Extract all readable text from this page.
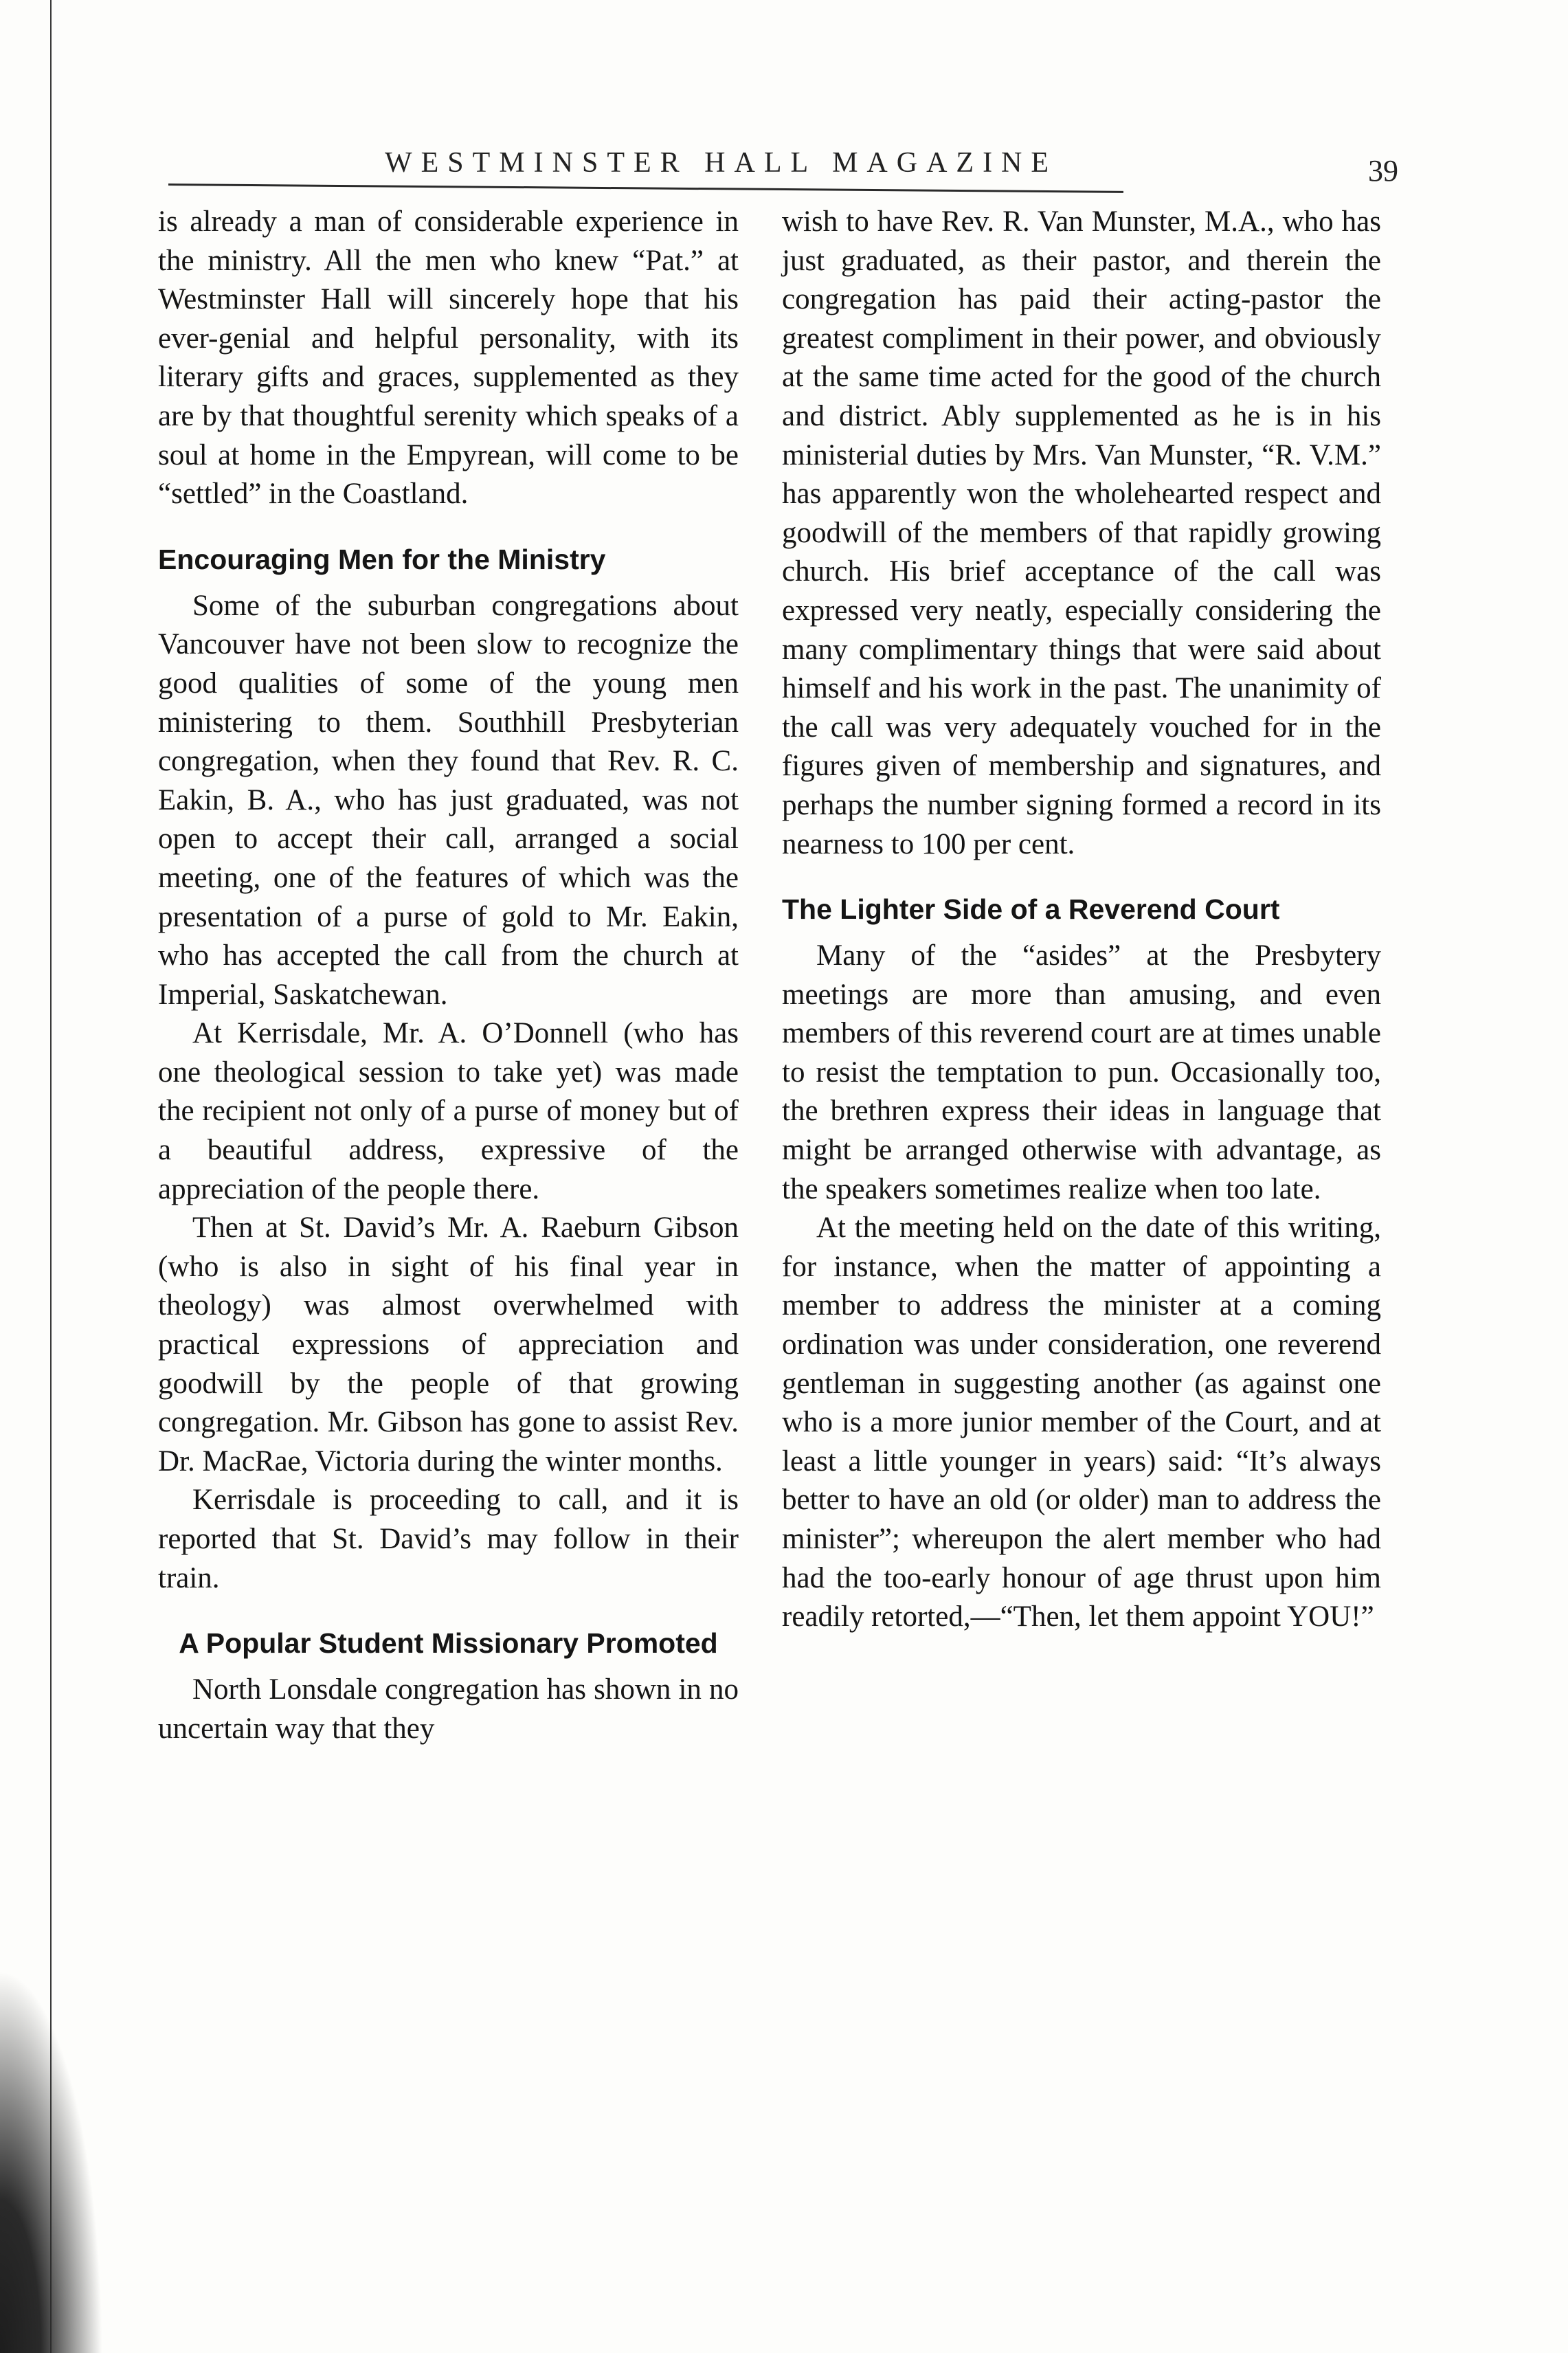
WESTMINSTER HALL MAGAZINE	39

is already a man of considerable experience in the ministry. All the men who knew “Pat.” at Westminster Hall will sincerely hope that his ever-genial and helpful personality, with its literary gifts and graces, supplemented as they are by that thoughtful serenity which speaks of a soul at home in the Empyrean, will come to be “settled” in the Coastland.

Encouraging Men for the Ministry

Some of the suburban congregations about Vancouver have not been slow to recognize the good qualities of some of the young men ministering to them. Southhill Presbyterian congregation, when they found that Rev. R. C. Eakin, B. A., who has just graduated, was not open to accept their call, arranged a social meeting, one of the features of which was the presentation of a purse of gold to Mr. Eakin, who has accepted the call from the church at Imperial, Saskatchewan.

At Kerrisdale, Mr. A. O’Donnell (who has one theological session to take yet) was made the recipient not only of a purse of money but of a beautiful address, expressive of the appreciation of the people there.

Then at St. David’s Mr. A. Raeburn Gibson (who is also in sight of his final year in theology) was almost overwhelmed with practical expressions of appreciation and goodwill by the people of that growing congregation. Mr. Gibson has gone to assist Rev. Dr. MacRae, Victoria during the winter months.

Kerrisdale is proceeding to call, and it is reported that St. David’s may follow in their train.

A Popular Student Missionary Promoted

North Lonsdale congregation has shown in no uncertain way that they

wish to have Rev. R. Van Munster, M.A., who has just graduated, as their pastor, and therein the congregation has paid their acting-pastor the greatest compliment in their power, and obviously at the same time acted for the good of the church and district. Ably supplemented as he is in his ministerial duties by Mrs. Van Munster, “R. V.M.” has apparently won the wholehearted respect and goodwill of the members of that rapidly growing church. His brief acceptance of the call was expressed very neatly, especially considering the many complimentary things that were said about himself and his work in the past. The unanimity of the call was very adequately vouched for in the figures given of membership and signatures, and perhaps the number signing formed a record in its nearness to 100 per cent.

The Lighter Side of a Reverend Court

Many of the “asides” at the Presbytery meetings are more than amusing, and even members of this reverend court are at times unable to resist the temptation to pun. Occasionally too, the brethren express their ideas in language that might be arranged otherwise with advantage, as the speakers sometimes realize when too late.

At the meeting held on the date of this writing, for instance, when the matter of appointing a member to address the minister at a coming ordination was under consideration, one reverend gentleman in suggesting another (as against one who is a more junior member of the Court, and at least a little younger in years) said: “It’s always better to have an old (or older) man to address the minister”; whereupon the alert member who had had the too-early honour of age thrust upon him readily retorted,—“Then, let them appoint YOU!”
